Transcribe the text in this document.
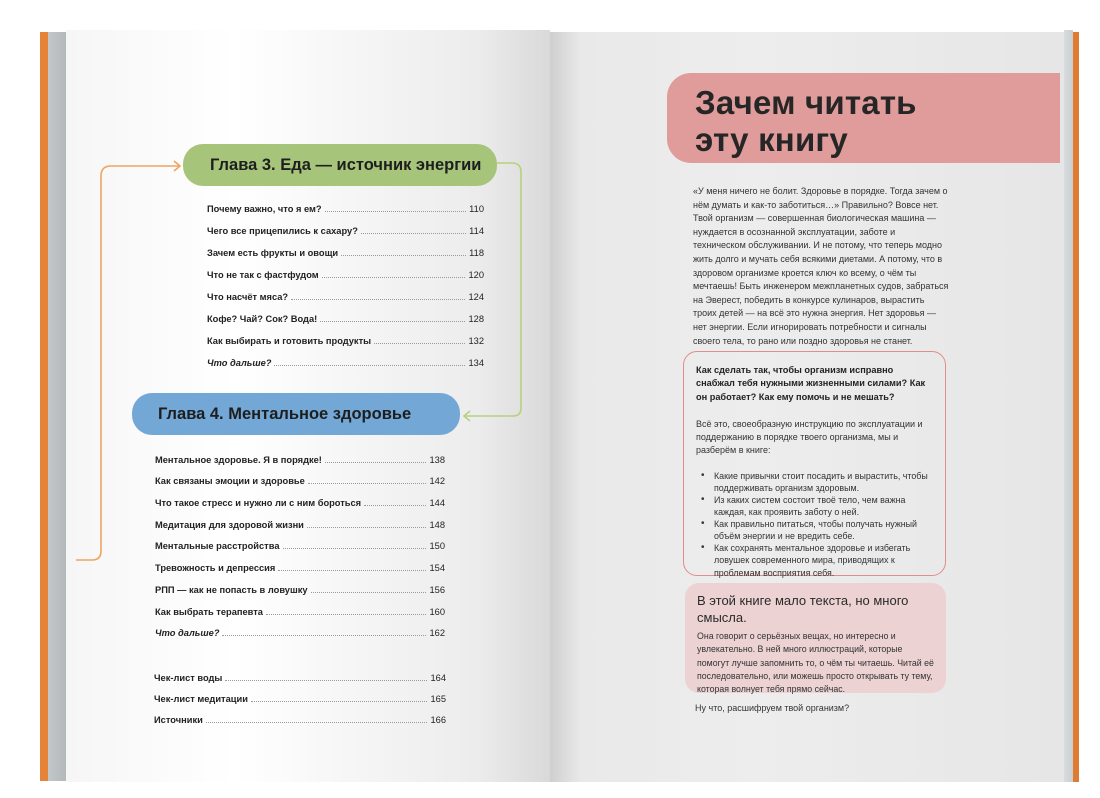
Глава 3. Еда — источник энергии
Почему важно, что я ем?	110
Чего все прицепились к сахару?	114
Зачем есть фрукты и овощи	118
Что не так с фастфудом	120
Что насчёт мяса?	124
Кофе? Чай? Сок? Вода!	128
Как выбирать и готовить продукты	132
Что дальше?	134
Глава 4. Ментальное здоровье
Ментальное здоровье. Я в порядке!	138
Как связаны эмоции и здоровье	142
Что такое стресс и нужно ли с ним бороться	144
Медитация для здоровой жизни	148
Ментальные расстройства	150
Тревожность и депрессия	154
РПП — как не попасть в ловушку	156
Как выбрать терапевта	160
Что дальше?	162
Чек-лист воды	164
Чек-лист медитации	165
Источники	166
Зачем читать
эту книгу

«У меня ничего не болит. Здоровье в порядке. Тогда зачем о нём думать и как-то заботиться…» Правильно? Вовсе нет. Твой организм — совершенная биологическая машина — нуждается в осознанной эксплуатации, заботе и техническом обслуживании. И не потому, что теперь модно жить долго и мучать себя всякими диетами. А потому, что в здоровом организме кроется ключ ко всему, о чём ты мечтаешь! Быть инженером межпланетных судов, забраться на Эверест, победить в конкурсе кулинаров, вырастить троих детей — на всё это нужна энергия. Нет здоровья — нет энергии. Если игнорировать потребности и сигналы своего тела, то рано или поздно здоровья не станет.

Как сделать так, чтобы организм исправно снабжал тебя нужными жизненными силами? Как он работает? Как ему помочь и не мешать?

Всё это, своеобразную инструкцию по эксплуатации и поддержанию в порядке твоего организма, мы и разберём в книге:

• Какие привычки стоит посадить и вырастить, чтобы поддерживать организм здоровым.
• Из каких систем состоит твоё тело, чем важна каждая, как проявить заботу о ней.
• Как правильно питаться, чтобы получать нужный объём энергии и не вредить себе.
• Как сохранять ментальное здоровье и избегать ловушек современного мира, приводящих к проблемам восприятия себя.

В этой книге мало текста, но много смысла.

Она говорит о серьёзных вещах, но интересно и увлекательно. В ней много иллюстраций, которые помогут лучше запомнить то, о чём ты читаешь. Читай её последовательно, или можешь просто открывать ту тему, которая волнует тебя прямо сейчас.

Ну что, расшифруем твой организм?
